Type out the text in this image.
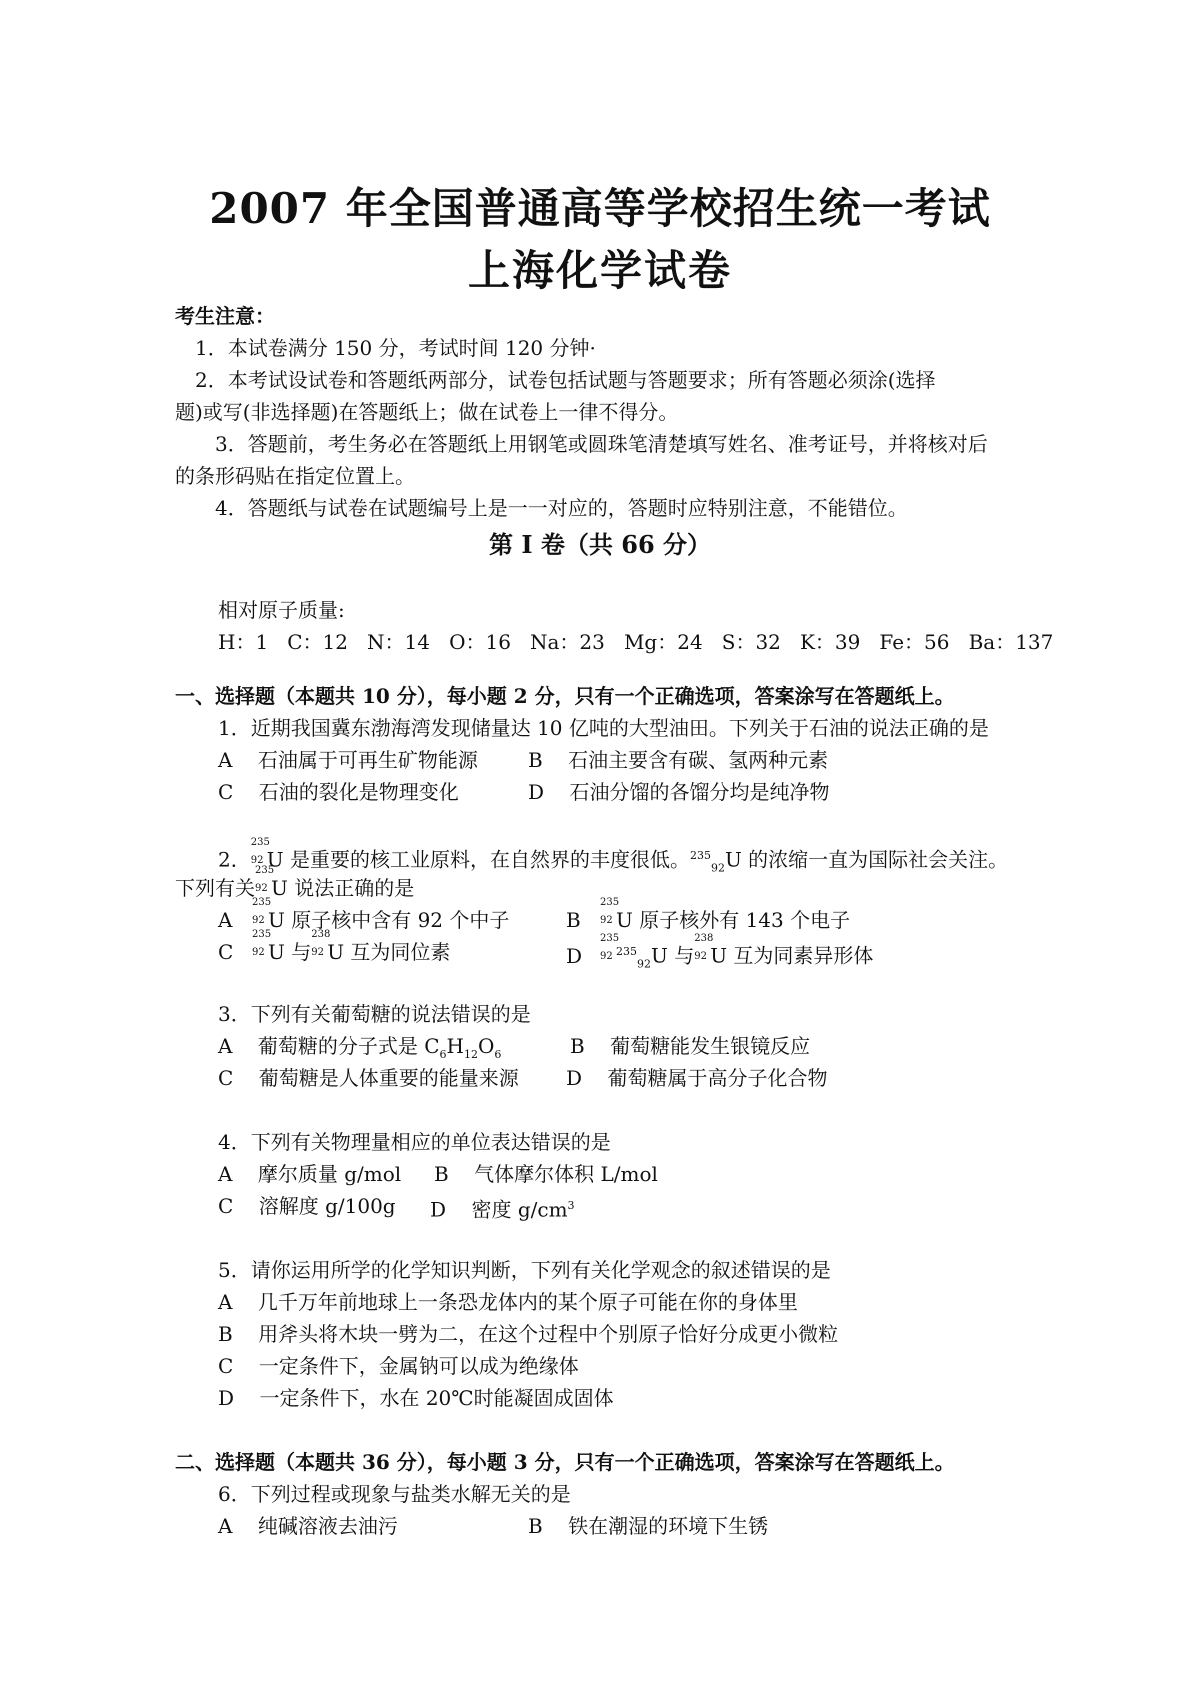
2007 年全国普通高等学校招生统一考试
上海化学试卷
考生注意：
1．本试卷满分 150 分，考试时间 120 分钟·
2．本考试设试卷和答题纸两部分，试卷包括试题与答题要求；所有答题必须涂(选择
题)或写(非选择题)在答题纸上；做在试卷上一律不得分。
3．答题前，考生务必在答题纸上用钢笔或圆珠笔清楚填写姓名、准考证号，并将核对后
的条形码贴在指定位置上。
4．答题纸与试卷在试题编号上是一一对应的，答题时应特别注意，不能错位。
第 I 卷（共 66 分）
相对原子质量:
H：1   C：12   N：14   O：16   Na：23   Mg：24   S：32   K：39   Fe：56   Ba：137
一、选择题（本题共 10 分），每小题 2 分，只有一个正确选项，答案涂写在答题纸上。
1．近期我国冀东渤海湾发现储量达 10 亿吨的大型油田。下列关于石油的说法正确的是
A    石油属于可再生矿物能源	B    石油主要含有碳、氢两种元素
C    石油的裂化是物理变化	D    石油分馏的各馏分均是纯净物
2．
235
92 U 是重要的核工业原料，在自然界的丰度很低。$^{235}_{92}$U 的浓缩一直为国际社会关注。
下列有关
235
92 U 说法正确的是
A
235
92 U 原子核中含有 92 个中子	B
235
92 U 原子核外有 143 个电子
C
235
92 U 与
238
92 U 互为同位素	D
235
92 $^{235}_{92}$U 与
238
92 U 互为同素异形体
3．下列有关葡萄糖的说法错误的是
A    葡萄糖的分子式是 $C_6H_{12}O_6$	B    葡萄糖能发生银镜反应
C    葡萄糖是人体重要的能量来源 D    葡萄糖属于高分子化合物
4．下列有关物理量相应的单位表达错误的是
A    摩尔质量 g/mol B    气体摩尔体积 L/mol
C    溶解度 g/100g D    密度 $g/cm^3$
5．请你运用所学的化学知识判断，下列有关化学观念的叙述错误的是
A    几千万年前地球上一条恐龙体内的某个原子可能在你的身体里
B    用斧头将木块一劈为二，在这个过程中个别原子恰好分成更小微粒
C    一定条件下，金属钠可以成为绝缘体
D    一定条件下，水在 20℃时能凝固成固体
二、选择题（本题共 36 分），每小题 3 分，只有一个正确选项，答案涂写在答题纸上。
6．下列过程或现象与盐类水解无关的是
A    纯碱溶液去油污	B    铁在潮湿的环境下生锈
